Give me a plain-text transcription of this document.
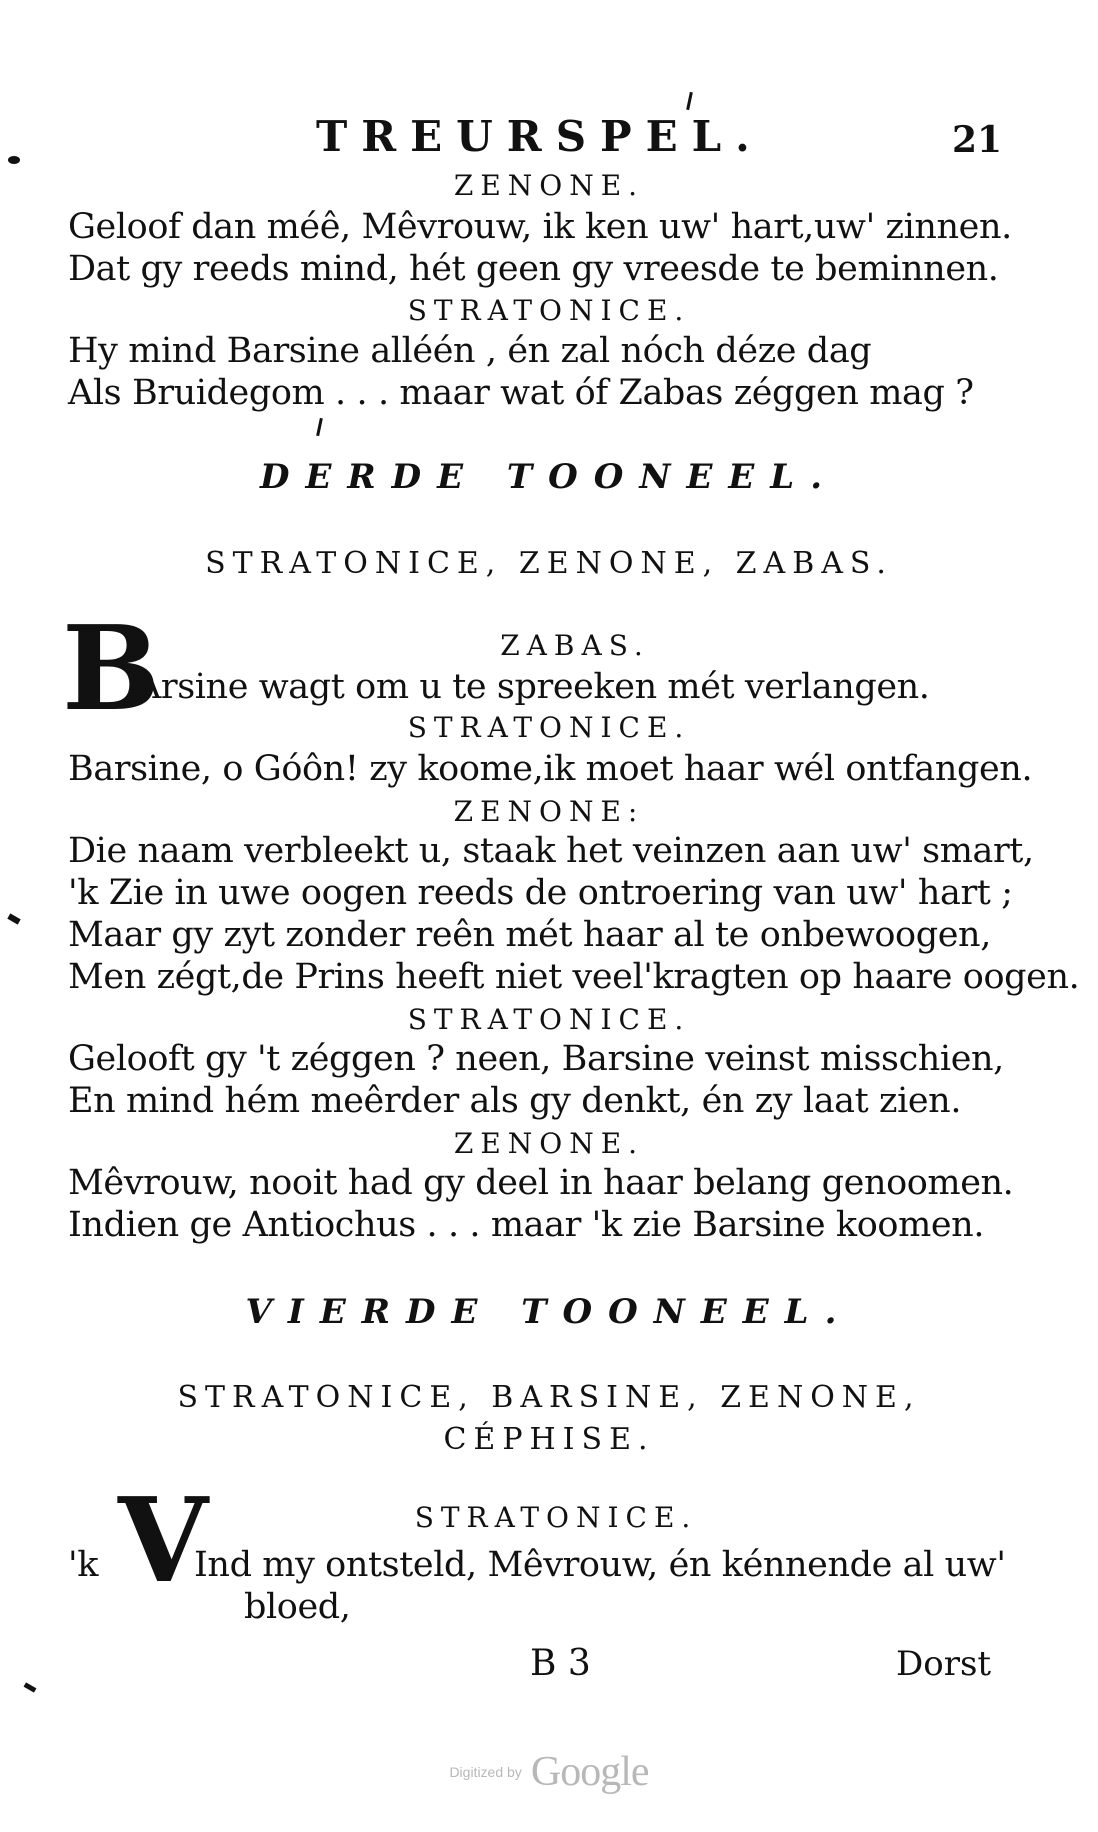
TREURSPEL.	21
ZENONE.
Geloof dan méê, Mêvrouw, ik ken uw' hart,uw' zinnen.
Dat gy reeds mind, hét geen gy vreesde te beminnen.
STRATONICE.
Hy mind Barsine alléén , én zal nóch déze dag
Als Bruidegom . . . maar wat óf Zabas zéggen mag ?
DERDE TOONEEL.
STRATONICE, ZENONE, ZABAS.
B	ZABAS.
Arsine wagt om u te spreeken mét verlangen.
STRATONICE.
Barsine, o Góôn! zy koome,ik moet haar wél ontfangen.
ZENONE:
Die naam verbleekt u, staak het veinzen aan uw' smart,
'k Zie in uwe oogen reeds de ontroering van uw' hart ;
Maar gy zyt zonder reên mét haar al te onbewoogen,
Men zégt,de Prins heeft niet veel'kragten op haare oogen.
STRATONICE.
Gelooft gy 't zéggen ? neen, Barsine veinst misschien,
En mind hém meêrder als gy denkt, én zy laat zien.
ZENONE.
Mêvrouw, nooit had gy deel in haar belang genoomen.
Indien ge Antiochus . . . maar 'k zie Barsine koomen.
VIERDE TOONEEL.
STRATONICE, BARSINE, ZENONE,
CÉPHISE.
STRATONICE.
'k V
Ind my ontsteld, Mêvrouw, én kénnende al uw'
bloed,
B 3	Dorst
Digitized by Google
